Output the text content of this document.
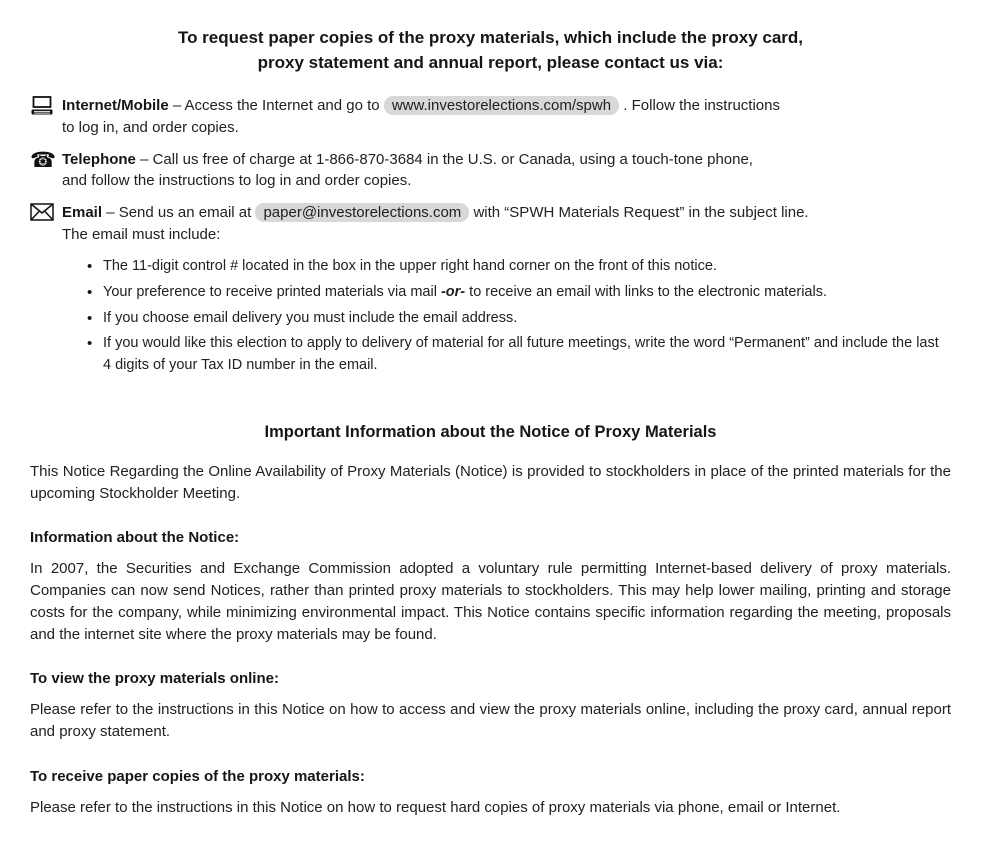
To request paper copies of the proxy materials, which include the proxy card,
proxy statement and annual report, please contact us via:
Internet/Mobile – Access the Internet and go to www.investorelections.com/spwh . Follow the instructions
to log in, and order copies.
☎ Telephone – Call us free of charge at 1-866-870-3684 in the U.S. or Canada, using a touch-tone phone,
and follow the instructions to log in and order copies.
Email – Send us an email at paper@investorelections.com with “SPWH Materials Request” in the subject line.
The email must include:
• The 11-digit control # located in the box in the upper right hand corner on the front of this notice.
• Your preference to receive printed materials via mail -or- to receive an email with links to the electronic materials.
• If you choose email delivery you must include the email address.
• If you would like this election to apply to delivery of material for all future meetings, write the word “Permanent” and include the last 4 digits of your Tax ID number in the email.
Important Information about the Notice of Proxy Materials

This Notice Regarding the Online Availability of Proxy Materials (Notice) is provided to stockholders in place of the printed materials for the upcoming Stockholder Meeting.

Information about the Notice:

In 2007, the Securities and Exchange Commission adopted a voluntary rule permitting Internet-based delivery of proxy materials. Companies can now send Notices, rather than printed proxy materials to stockholders. This may help lower mailing, printing and storage costs for the company, while minimizing environmental impact. This Notice contains specific information regarding the meeting, proposals and the internet site where the proxy materials may be found.

To view the proxy materials online:

Please refer to the instructions in this Notice on how to access and view the proxy materials online, including the proxy card, annual report and proxy statement.

To receive paper copies of the proxy materials:

Please refer to the instructions in this Notice on how to request hard copies of proxy materials via phone, email or Internet.
